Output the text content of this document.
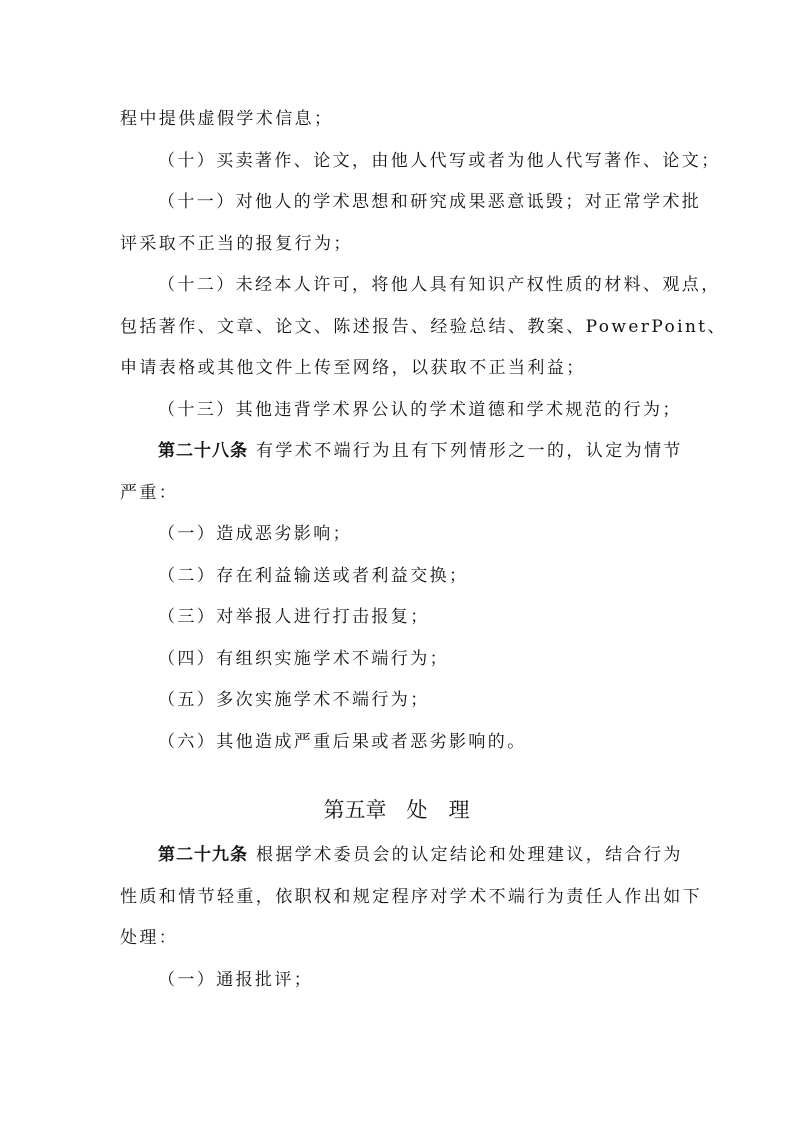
程中提供虚假学术信息；
（十）买卖著作、论文，由他人代写或者为他人代写著作、论文；
（十一）对他人的学术思想和研究成果恶意诋毁；对正常学术批
评采取不正当的报复行为；
（十二）未经本人许可，将他人具有知识产权性质的材料、观点，
包括著作、文章、论文、陈述报告、经验总结、教案、PowerPoint、
申请表格或其他文件上传至网络，以获取不正当利益；
（十三）其他违背学术界公认的学术道德和学术规范的行为；
第二十八条 有学术不端行为且有下列情形之一的，认定为情节
严重：
（一）造成恶劣影响；
（二）存在利益输送或者利益交换；
（三）对举报人进行打击报复；
（四）有组织实施学术不端行为；
（五）多次实施学术不端行为；
（六）其他造成严重后果或者恶劣影响的。
第五章 处　理
第二十九条 根据学术委员会的认定结论和处理建议，结合行为
性质和情节轻重，依职权和规定程序对学术不端行为责任人作出如下
处理：
（一）通报批评；
